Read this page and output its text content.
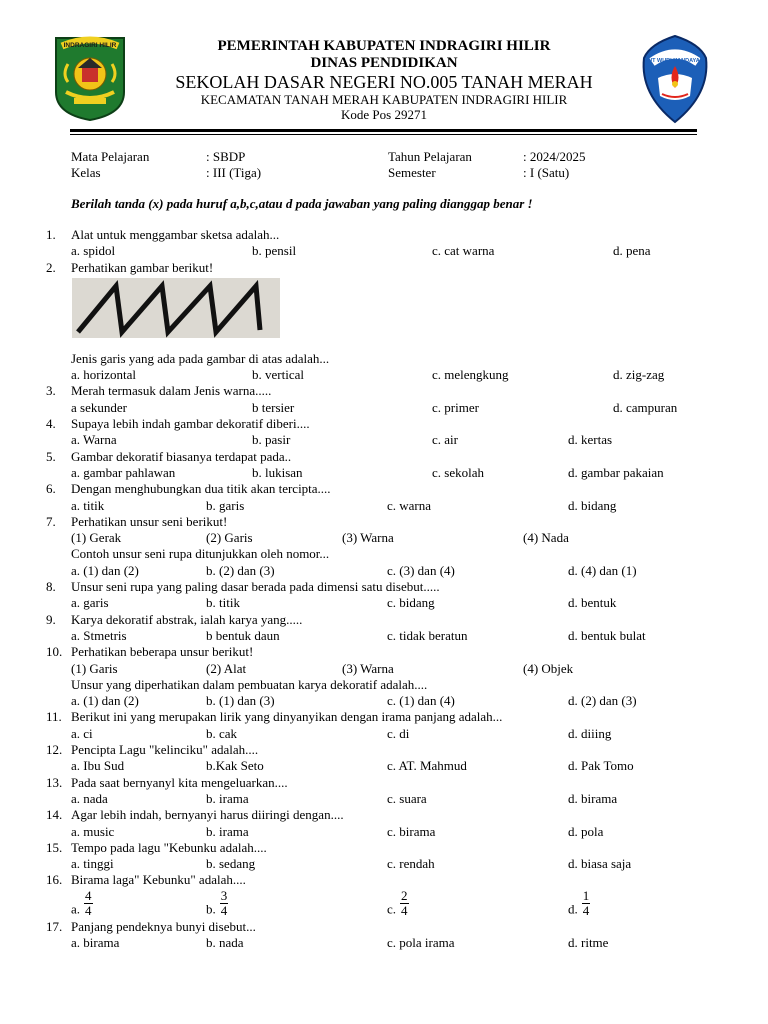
INDRAGIRI HILIR	PEMERINTAH KABUPATEN INDRAGIRI HILIR
DINAS PENDIDIKAN
SEKOLAH DASAR NEGERI NO.005 TANAH MERAH
KECAMATAN TANAH MERAH KABUPATEN INDRAGIRI HILIR
Kode Pos 29271
TUT WURI HANDAYANI
Mata Pelajaran	: SBDP	Tahun Pelajaran	: 2024/2025
Kelas	: III (Tiga)	Semester	: I (Satu)
Berilah tanda (x) pada huruf a,b,c,atau d pada jawaban yang paling dianggap benar !
1. Alat untuk menggambar sketsa adalah...
a. spidol	b. pensil	c. cat warna	d. pena
2. Perhatikan gambar berikut!
Jenis garis yang ada pada gambar di atas adalah...
a. horizontal	b. vertical	c. melengkung	d. zig-zag
3. Merah termasuk dalam Jenis warna.....
a sekunder	b tersier	c. primer	d. campuran
4. Supaya lebih indah gambar dekoratif diberi....
a. Warna	b. pasir	c. air	d. kertas
5. Gambar dekoratif biasanya terdapat pada..
a. gambar pahlawan	b. lukisan	c. sekolah	d. gambar pakaian
6. Dengan menghubungkan dua titik akan tercipta....
a. titik	b. garis	c. warna	d. bidang
7. Perhatikan unsur seni berikut!
(1) Gerak	(2) Garis	(3) Warna	(4) Nada
Contoh unsur seni rupa ditunjukkan oleh nomor...
a. (1) dan (2)	b. (2) dan (3)	c. (3) dan (4)	d. (4) dan (1)
8. Unsur seni rupa yang paling dasar berada pada dimensi satu disebut.....
a. garis	b. titik	c. bidang	d. bentuk
9. Karya dekoratif abstrak, ialah karya yang.....
a. Stmetris	b bentuk daun	c. tidak beratun	d. bentuk bulat
10. Perhatikan beberapa unsur berikut!
(1) Garis	(2) Alat	(3) Warna	(4) Objek
Unsur yang diperhatikan dalam pembuatan karya dekoratif adalah....
a. (1) dan (2)	b. (1) dan (3)	c. (1) dan (4)	d. (2) dan (3)
11. Berikut ini yang merupakan lirik yang dinyanyikan dengan irama panjang adalah...
a. ci	b. cak	c. di	d. diiing
12. Pencipta Lagu "kelinciku" adalah....
a. Ibu Sud	b.Kak Seto	c. AT. Mahmud	d. Pak Tomo
13. Pada saat bernyanyl kita mengeluarkan....
a. nada	b. irama	c. suara	d. birama
14. Agar lebih indah, bernyanyi harus diiringi dengan....
a. music	b. irama	c. birama	d. pola
15. Tempo pada lagu "Kebunku adalah....
a. tinggi	b. sedang	c. rendah	d. biasa saja
16. Birama laga" Kebunku" adalah....
a. $\frac{4}{4}$	b. $\frac{3}{4}$	c. $\frac{2}{4}$	d. $\frac{1}{4}$
17. Panjang pendeknya bunyi disebut...
a. birama	b. nada	c. pola irama	d. ritme
